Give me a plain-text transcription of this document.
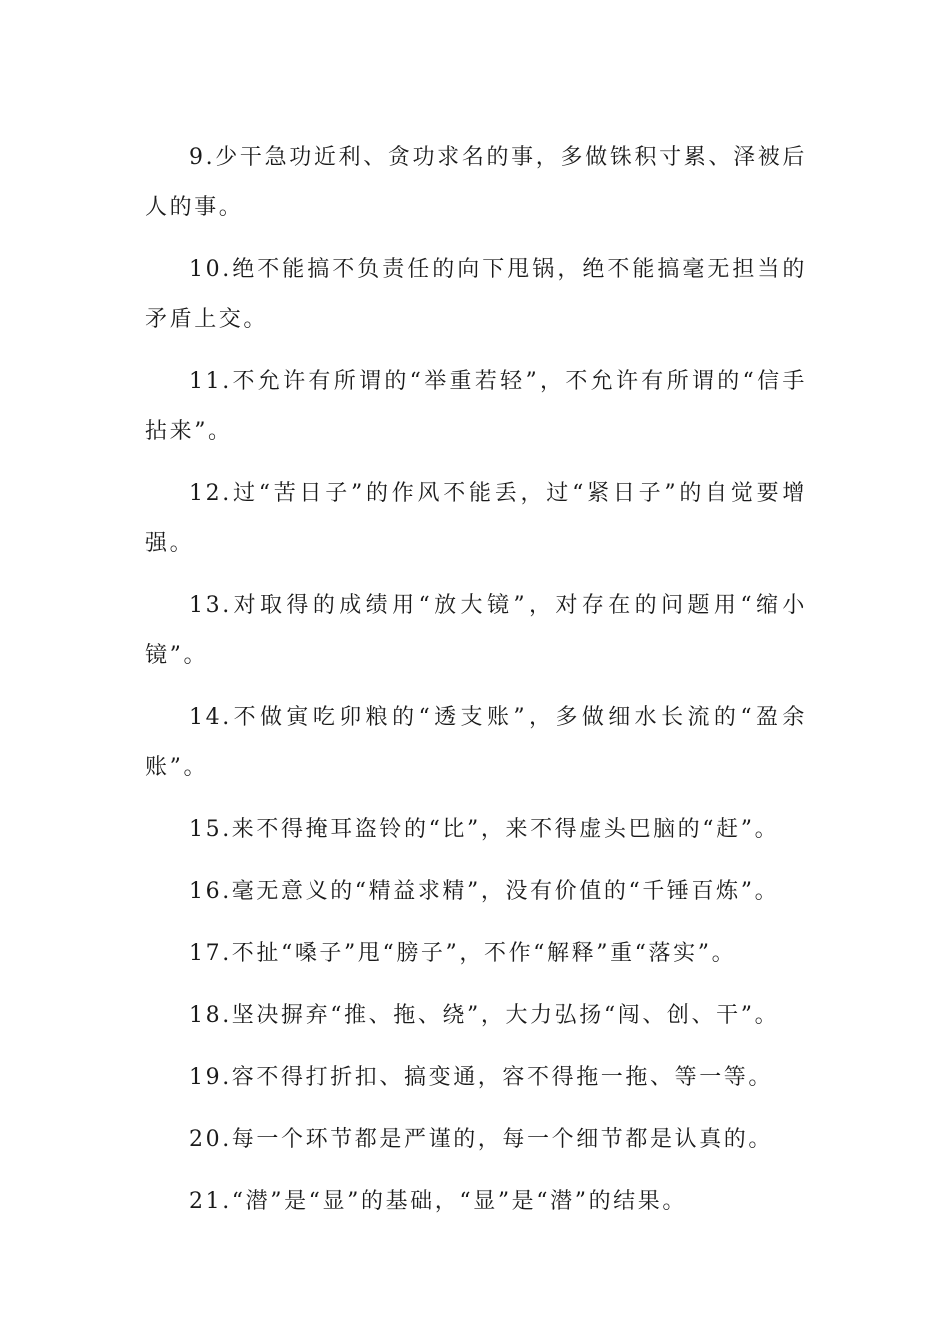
9.少干急功近利、贪功求名的事，多做铢积寸累、泽被后人的事。

10.绝不能搞不负责任的向下甩锅，绝不能搞毫无担当的矛盾上交。

11.不允许有所谓的“举重若轻”，不允许有所谓的“信手拈来”。

12.过“苦日子”的作风不能丢，过“紧日子”的自觉要增强。

13.对取得的成绩用“放大镜”，对存在的问题用“缩小镜”。

14.不做寅吃卯粮的“透支账”，多做细水长流的“盈余账”。

15.来不得掩耳盗铃的“比”，来不得虚头巴脑的“赶”。

16.毫无意义的“精益求精”，没有价值的“千锤百炼”。

17.不扯“嗓子”甩“膀子”，不作“解释”重“落实”。

18.坚决摒弃“推、拖、绕”，大力弘扬“闯、创、干”。

19.容不得打折扣、搞变通，容不得拖一拖、等一等。

20.每一个环节都是严谨的，每一个细节都是认真的。

21.“潜”是“显”的基础，“显”是“潜”的结果。
